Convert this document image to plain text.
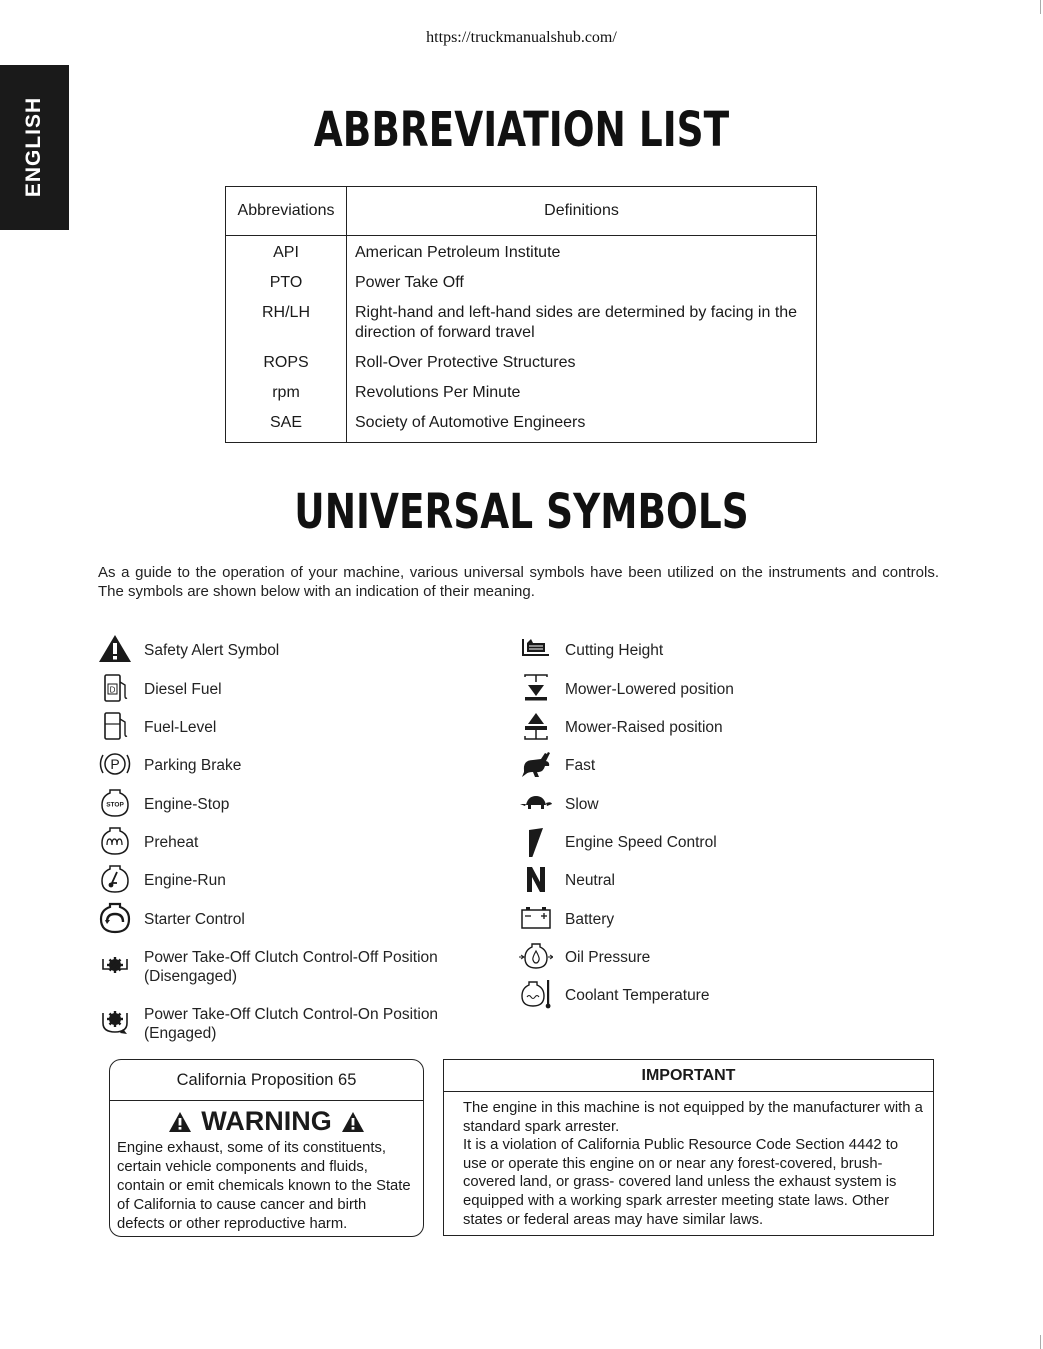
https://truckmanualshub.com/
ENGLISH	ABBREVIATION LIST
Abbreviations	Definitions
API	American Petroleum Institute
PTO	Power Take Off
RH/LH	Right-hand and left-hand sides are determined by facing in the direction of forward travel
ROPS	Roll-Over Protective Structures
rpm	Revolutions Per Minute
SAE	Society of Automotive Engineers
UNIVERSAL SYMBOLS
As a guide to the operation of your machine, various universal symbols have been utilized on the instruments and controls. The symbols are shown below with an indication of their meaning.
Safety Alert Symbol
D Diesel Fuel
Fuel-Level
P Parking Brake
STOP Engine-Stop
Preheat
Engine-Run
Starter Control
Power Take-Off Clutch Control-Off Position
(Disengaged)
Power Take-Off Clutch Control-On Position
(Engaged)
Cutting Height
Mower-Lowered position
Mower-Raised position
Fast
Slow
Engine Speed Control
Neutral
Battery
Oil Pressure
Coolant Temperature
California Proposition 65
WARNING
Engine exhaust, some of its constituents, certain vehicle components and fluids, contain or emit chemicals known to the State of California to cause cancer and birth defects or other reproductive harm.
IMPORTANT
The engine in this machine is not equipped by the manufacturer with a standard spark arrester.
It is a violation of California Public Resource Code Section 4442 to use or operate this engine on or near any forest-covered, brush-covered land, or grass- covered land unless the exhaust system is equipped with a working spark arrester meeting state laws. Other states or federal areas may have similar laws.
